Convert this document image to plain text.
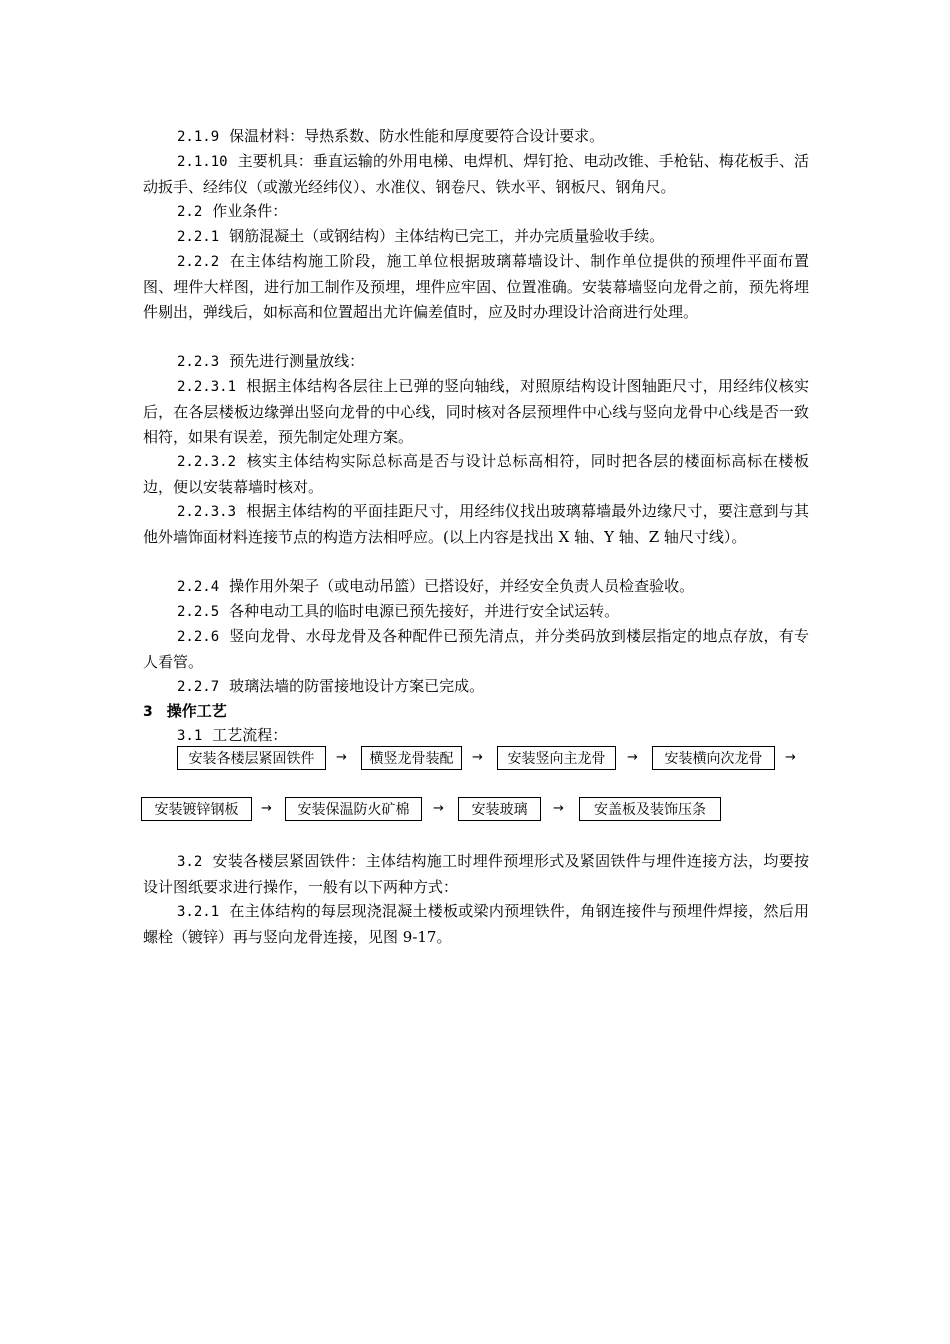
2.1.9 保温材料：导热系数、防水性能和厚度要符合设计要求。

2.1.10 主要机具：垂直运输的外用电梯、电焊机、焊钉抢、电动改锥、手枪钻、梅花板手、活动扳手、经纬仪（或激光经纬仪）、水准仪、钢卷尺、铁水平、钢板尺、钢角尺。

2.2 作业条件：

2.2.1 钢筋混凝土（或钢结构）主体结构已完工，并办完质量验收手续。

2.2.2 在主体结构施工阶段，施工单位根据玻璃幕墙设计、制作单位提供的预埋件平面布置图、埋件大样图，进行加工制作及预埋，埋件应牢固、位置准确。安装幕墙竖向龙骨之前，预先将埋件剔出，弹线后，如标高和位置超出尤许偏差值时，应及时办理设计洽商进行处理。

2.2.3 预先进行测量放线：

2.2.3.1 根据主体结构各层往上已弹的竖向轴线，对照原结构设计图轴距尺寸，用经纬仪核实后，在各层楼板边缘弹出竖向龙骨的中心线，同时核对各层预埋件中心线与竖向龙骨中心线是否一致相符，如果有误差，预先制定处理方案。

2.2.3.2 核实主体结构实际总标高是否与设计总标高相符，同时把各层的楼面标高标在楼板边，便以安装幕墙时核对。

2.2.3.3 根据主体结构的平面挂距尺寸，用经纬仪找出玻璃幕墙最外边缘尺寸，要注意到与其他外墙饰面材料连接节点的构造方法相呼应。(以上内容是找出 X 轴、Y 轴、Z 轴尺寸线）。

2.2.4 操作用外架子（或电动吊篮）已搭设好，并经安全负责人员检查验收。

2.2.5 各种电动工具的临时电源已预先接好，并进行安全试运转。

2.2.6 竖向龙骨、水母龙骨及各种配件已预先清点，并分类码放到楼层指定的地点存放，有专人看管。

2.2.7 玻璃法墙的防雷接地设计方案已完成。

3 操作工艺

3.1 工艺流程：

安装各楼层紧固铁件	→	横竖龙骨装配	→	安装竖向主龙骨	→	安装横向次龙骨	→
安装镀锌钢板	→	安装保温防火矿棉	→	安装玻璃	→	安盖板及装饰压条

3.2 安装各楼层紧固铁件：主体结构施工时埋件预埋形式及紧固铁件与埋件连接方法，均要按设计图纸要求进行操作，一般有以下两种方式：

3.2.1 在主体结构的每层现浇混凝土楼板或梁内预埋铁件，角钢连接件与预埋件焊接，然后用螺栓（镀锌）再与竖向龙骨连接，见图 9-17。
